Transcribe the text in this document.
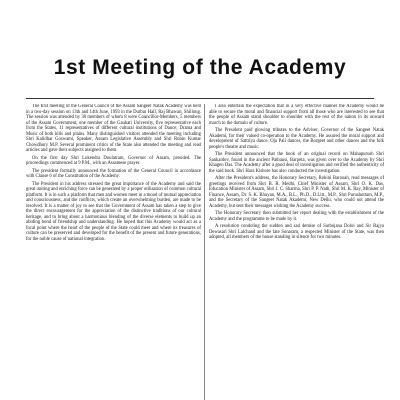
1st Meeting of the Academy

The first meeting of the General Council of the Assam Sangeet Natak Academy was held in a two-day session on 13th and 14th June, 1993 in the Durbar Hall, Raj Bhawan, Shillong. The session was attended by 30 members of whom 8 were Councillor-Members, 5 members of the Assam Government, one member of the Gauhati University, five representative each from the States, 11 representatives of different cultural institutions of Dance, Drama and Music of both hills and plains. Many distinguished visitors attended the meeting including Shri Kalidhar Goswami, Speaker, Assam Legislative Assembly and Shri Robin Kumar Chowdhury M.P. Several prominent critics of the State also attended the meeting and read articles and gave their subjects assigned to them.

On the first day Shri Lokendra Doulatram, Governor of Assam, presided. The proceedings commenced at 9 P.M., with an Assamese prayer.

The president formally announced the formation of the General Council in accordance with Clause 6 of the Constitution of the Academy.

The President in his address stressed the great importance of the Academy and said the great uniting and enriching force can be generated by a proper utilisation of common cultural platform. It is in such a platform that men and women meet in a mood of mutual appreciation and consciousness, and the conflicts, which create an overwhelming burden, are made to be resolved. It is a matter of joy to see that the Government of Assam has taken a step to give the direct encouragement for the appreciation of the distinctive traditions of our cultural heritage, and to bring about a harmonious blending of the diverse elements to build up an abiding bond of friendship and understanding. He hoped that this Academy would act as a focal point where the heart of the people of the State could meet and where its treasures of culture can be preserved and developed for the benefit of the present and future generations, for the noble cause of national integration.

I also entertain the expectation that in a very effective manner the Academy would be able to secure the moral and financial support from all those who are interested to see that the people of Assam stand shoulder to shoulder with the rest of the nation in its onward march to the domain of culture.

The President paid glowing tributes to the Adviser, Governor of the Sangeet Natak Akademi, for their valued co-operation to the Academy. He assured the moral support and development of Sattriya dance, Oja Pali dances, the Borgeet and other dances and the folk people's theatre and music.

The President announced that the book of an original record on Mahapurush Shri Sankardev, found in the ancient Patbausi, Barpeta, was given over to the Academy by Shri Khagen Das. The Academy after a good deal of investigation and verified the authenticity of the said book. Shri Hara Kishore has also conducted the investigation.

After the President's address, the Honorary Secretary, Rohini Barooah, read messages of greetings received from Shri B. R. Medhi, Chief Minister of Assam, Shri O. K. Das, Education Minister of Assam, Shri J. C. Sharma, Shri P. P. Nath, Shri M. K. Ray, Minister of Finance, Assam, Dr. S. K. Bhuyan, M.A., B.L., Ph.D., D.Litt., M.P., Shri Purushottam, M.P., and the Secretary of the Sangeet Natak Akademi, New Delhi, who could not attend the Academy, but sent their messages wishing the Academy success.

The Honorary Secretary then submitted her report dealing with the establishment of the Academy and the programme to be made by it.

A resolution condoling the sudden and sad demise of Sarbojana Doloi and Sir Rajya Dewasari Shri Lalchand and the late Sonaram, a respected Minister of the State, was then adopted, all members of the house standing in silence for two minutes.
